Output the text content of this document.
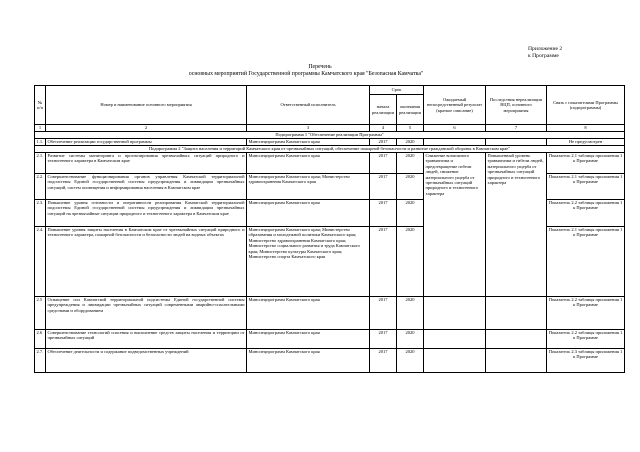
Приложение 2
к Программе
Перечень
основных мероприятий Государственной программы Камчатского края "Безопасная Камчатка"
№ п/п	Номер и наименование основного мероприятия	Ответственный исполнитель	Срок		Ожидаемый непосредственный результат (краткое описание)	Последствия нереализации ВЦП, основного мероприятия	Связь с показателями Программы (подпрограммы)
			начала реализации	окончания реализации			
1	2	3	4	5	6	7	8
Подпрограмма 1 "Обеспечение реализации Программы"							
1.1.	Обеспечение реализации государственной программы	Минспецпрограмм Камчатского края	2017	2020			Не предусмотрен
Подпрограмма 2 "Защита населения и территорий Камчатского края от чрезвычайных ситуаций, обеспечение пожарной безопасности и развитие гражданской обороны в Камчатском крае"							
2.1.	Развитие системы мониторинга и прогнозирования чрезвычайных ситуаций природного и техногенного характера в Камчатском крае	Минспецпрограмм Камчатского края	2017	2020	Снижение возможного травматизма и предотвращение гибели людей, снижение материального ущерба от чрезвычайных ситуаций природного и техногенного характера	Повышенный уровень травматизма и гибели людей, материального ущерба от чрезвычайных ситуаций природного и техногенного характера	Показатель 2.1 таблицы приложения 1 к Программе
2.2.	Совершенствование функционирования органов управления Камчатской территориальной подсистемы Единой государственной системы предупреждения и ликвидации чрезвычайных ситуаций, систем оповещения и информирования населения в Камчатском крае	Минспецпрограмм Камчатского края; Министерство здравоохранения Камчатского края	2017	2020			Показатель 2.1 таблицы приложения 1 к Программе
2.3.	Повышение уровня готовности и оперативности реагирования Камчатской территориальной подсистемы Единой государственной системы предупреждения и ликвидации чрезвычайных ситуаций на чрезвычайные ситуации природного и техногенного характера в Камчатском крае	Минспецпрограмм Камчатского края	2017	2020			Показатель 2.2 таблицы приложения 1 к Программе
2.4.	Повышение уровня защиты населения в Камчатском крае от чрезвычайных ситуаций природного и техногенного характера, пожарной безопасности и безопасности людей на водных объектах	Минспецпрограмм Камчатского края; Министерство образования и молодежной политики Камчатского края; Министерство здравоохранения Камчатского края; Министерство социального развития и труда Камчатского края; Министерство культуры Камчатского края; Министерство спорта Камчатского края	2017	2020			Показатель 2.1 таблицы приложения 1 к Программе
2.5	Оснащение сил Камчатской территориальной подсистемы Единой государственной системы предупреждения и ликвидации чрезвычайных ситуаций современными аварийно-спасательными средствами и оборудованием	Минспецпрограмм Камчатского края	2017	2020			Показатель 2.2 таблицы приложения 1 к Программе
2.6	Совершенствование технологий спасения и выполнение средств защиты населения и территории от чрезвычайных ситуаций	Минспецпрограмм Камчатского края	2017	2020			Показатель 2.2 таблицы приложения 1 к Программе
2.7.	Обеспечение деятельности и содержание подведомственных учреждений	Минспецпрограмм Камчатского края	2017	2020			Показатель 2.3 таблицы приложения 1 к Программе
